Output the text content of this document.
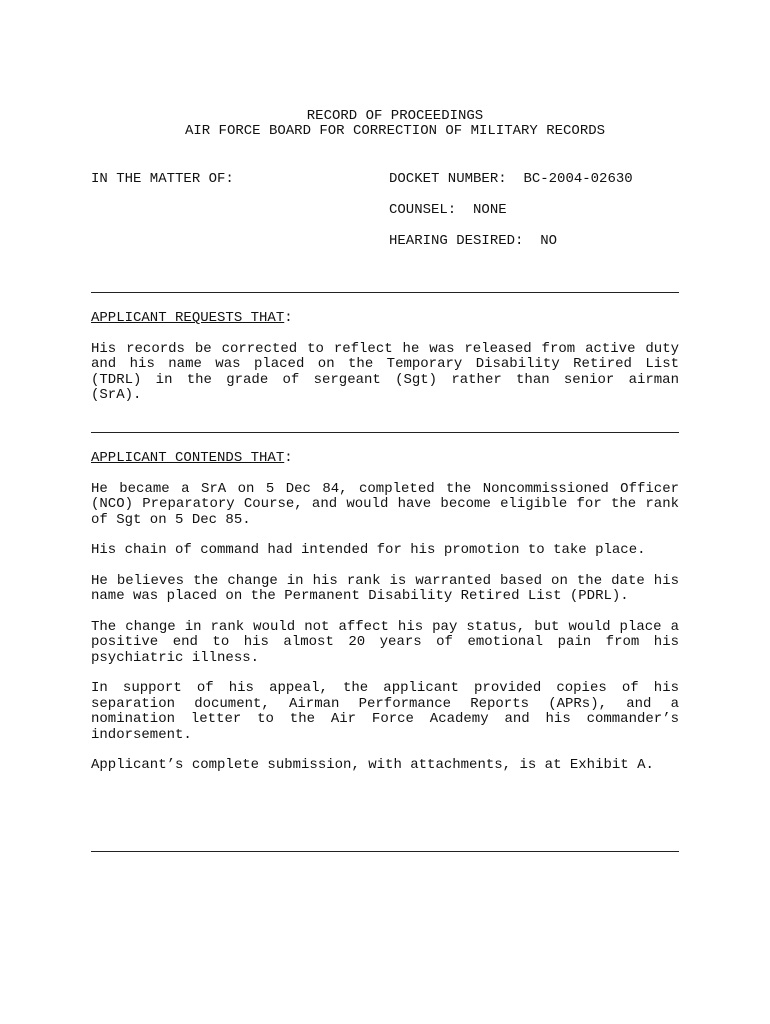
RECORD OF PROCEEDINGS
AIR FORCE BOARD FOR CORRECTION OF MILITARY RECORDS
IN THE MATTER OF:	DOCKET NUMBER: BC-2004-02630
COUNSEL: NONE
HEARING DESIRED: NO
APPLICANT REQUESTS THAT:
His records be corrected to reflect he was released from active duty and his name was placed on the Temporary Disability Retired List (TDRL) in the grade of sergeant (Sgt) rather than senior airman (SrA).
APPLICANT CONTENDS THAT:
He became a SrA on 5 Dec 84, completed the Noncommissioned Officer (NCO) Preparatory Course, and would have become eligible for the rank of Sgt on 5 Dec 85.
His chain of command had intended for his promotion to take place.
He believes the change in his rank is warranted based on the date his name was placed on the Permanent Disability Retired List (PDRL).
The change in rank would not affect his pay status, but would place a positive end to his almost 20 years of emotional pain from his psychiatric illness.
In support of his appeal, the applicant provided copies of his separation document, Airman Performance Reports (APRs), and a nomination letter to the Air Force Academy and his commander’s indorsement.
Applicant’s complete submission, with attachments, is at Exhibit A.
